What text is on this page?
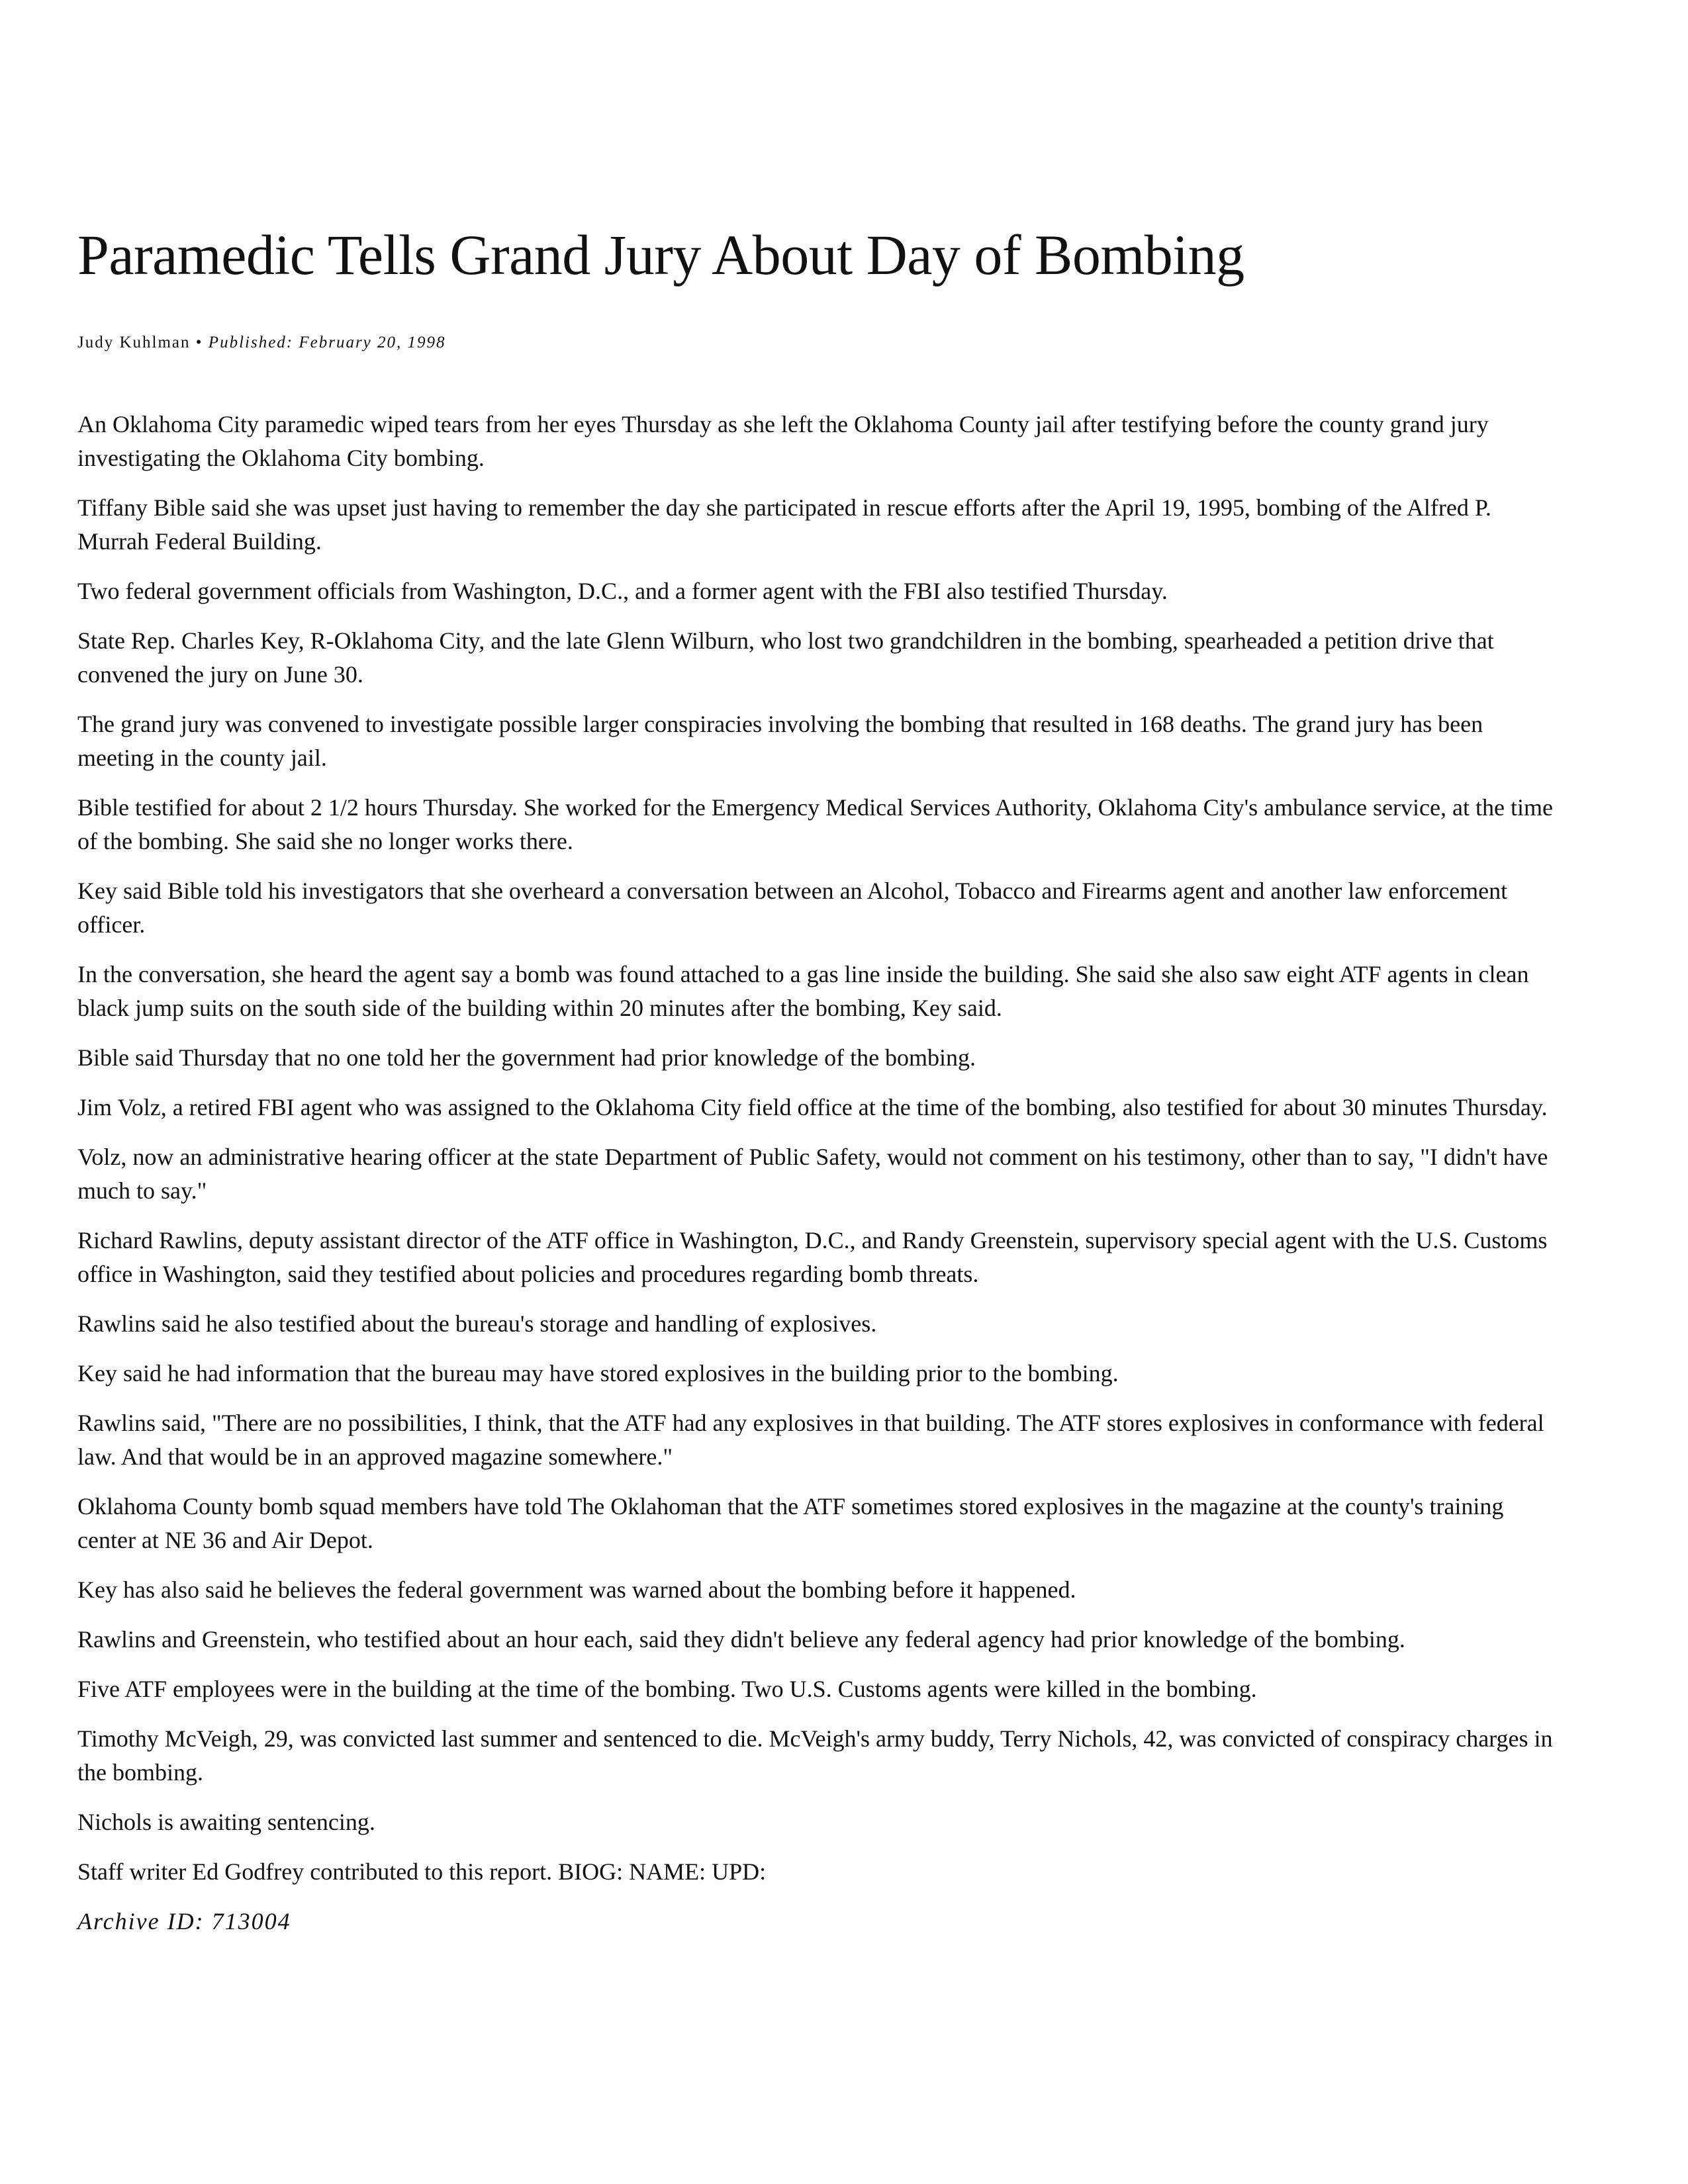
Paramedic Tells Grand Jury About Day of Bombing
Judy Kuhlman • Published: February 20, 1998

An Oklahoma City paramedic wiped tears from her eyes Thursday as she left the Oklahoma County jail after testifying before the county grand jury investigating the Oklahoma City bombing.

Tiffany Bible said she was upset just having to remember the day she participated in rescue efforts after the April 19, 1995, bombing of the Alfred P. Murrah Federal Building.

Two federal government officials from Washington, D.C., and a former agent with the FBI also testified Thursday.

State Rep. Charles Key, R-Oklahoma City, and the late Glenn Wilburn, who lost two grandchildren in the bombing, spearheaded a petition drive that convened the jury on June 30.

The grand jury was convened to investigate possible larger conspiracies involving the bombing that resulted in 168 deaths. The grand jury has been meeting in the county jail.

Bible testified for about 2 1/2 hours Thursday. She worked for the Emergency Medical Services Authority, Oklahoma City's ambulance service, at the time of the bombing. She said she no longer works there.

Key said Bible told his investigators that she overheard a conversation between an Alcohol, Tobacco and Firearms agent and another law enforcement officer.

In the conversation, she heard the agent say a bomb was found attached to a gas line inside the building. She said she also saw eight ATF agents in clean black jump suits on the south side of the building within 20 minutes after the bombing, Key said.

Bible said Thursday that no one told her the government had prior knowledge of the bombing.

Jim Volz, a retired FBI agent who was assigned to the Oklahoma City field office at the time of the bombing, also testified for about 30 minutes Thursday.

Volz, now an administrative hearing officer at the state Department of Public Safety, would not comment on his testimony, other than to say, "I didn't have much to say."

Richard Rawlins, deputy assistant director of the ATF office in Washington, D.C., and Randy Greenstein, supervisory special agent with the U.S. Customs office in Washington, said they testified about policies and procedures regarding bomb threats.

Rawlins said he also testified about the bureau's storage and handling of explosives.

Key said he had information that the bureau may have stored explosives in the building prior to the bombing.

Rawlins said, "There are no possibilities, I think, that the ATF had any explosives in that building. The ATF stores explosives in conformance with federal law. And that would be in an approved magazine somewhere."

Oklahoma County bomb squad members have told The Oklahoman that the ATF sometimes stored explosives in the magazine at the county's training center at NE 36 and Air Depot.

Key has also said he believes the federal government was warned about the bombing before it happened.

Rawlins and Greenstein, who testified about an hour each, said they didn't believe any federal agency had prior knowledge of the bombing.

Five ATF employees were in the building at the time of the bombing. Two U.S. Customs agents were killed in the bombing.

Timothy McVeigh, 29, was convicted last summer and sentenced to die. McVeigh's army buddy, Terry Nichols, 42, was convicted of conspiracy charges in the bombing.

Nichols is awaiting sentencing.

Staff writer Ed Godfrey contributed to this report. BIOG: NAME: UPD:

Archive ID: 713004
